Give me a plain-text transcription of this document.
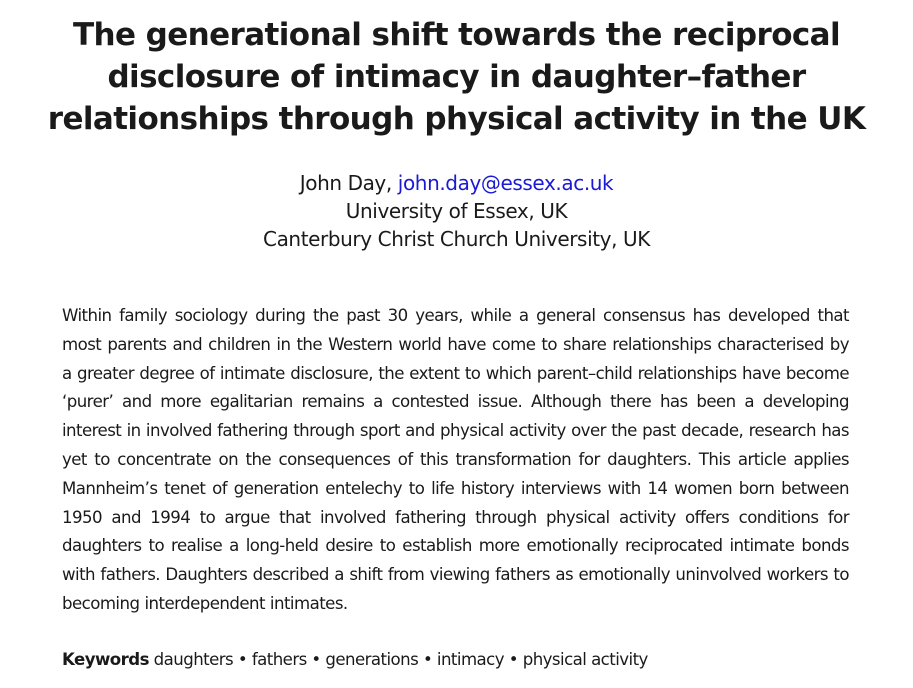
The generational shift towards the reciprocal disclosure of intimacy in daughter–father relationships through physical activity in the UK
John Day, john.day@essex.ac.uk
University of Essex, UK
Canterbury Christ Church University, UK

Within family sociology during the past 30 years, while a general consensus has developed that most parents and children in the Western world have come to share relationships characterised by a greater degree of intimate disclosure, the extent to which parent–child relationships have become ‘purer’ and more egalitarian remains a contested issue. Although there has been a developing interest in involved fathering through sport and physical activity over the past decade, research has yet to concentrate on the consequences of this transformation for daughters. This article applies Mannheim’s tenet of generation entelechy to life history interviews with 14 women born between 1950 and 1994 to argue that involved fathering through physical activity offers conditions for daughters to realise a long-held desire to establish more emotionally reciprocated intimate bonds with fathers. Daughters described a shift from viewing fathers as emotionally uninvolved workers to becoming interdependent intimates.

Keywords daughters • fathers • generations • intimacy • physical activity
